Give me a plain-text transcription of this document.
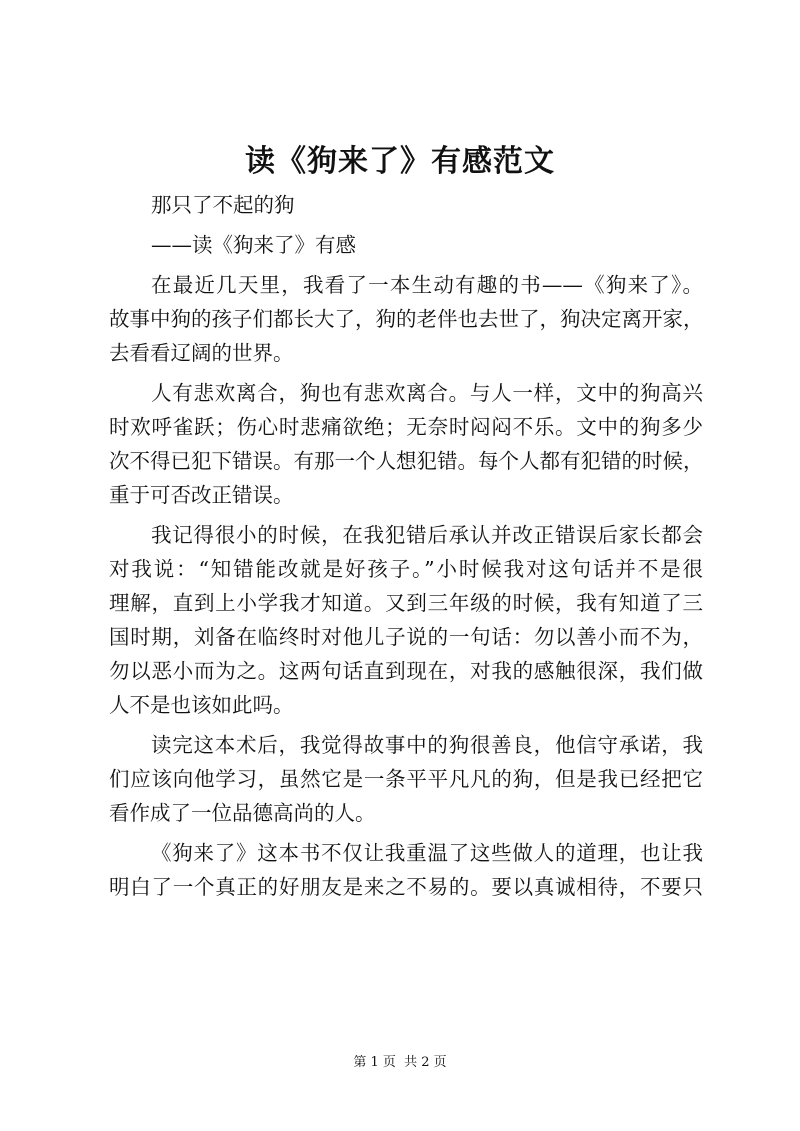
读《狗来了》有感范文
那只了不起的狗
——读《狗来了》有感
在最近几天里，我看了一本生动有趣的书——《狗来了》。
故事中狗的孩子们都长大了，狗的老伴也去世了，狗决定离开家，
去看看辽阔的世界。
人有悲欢离合，狗也有悲欢离合。与人一样，文中的狗高兴
时欢呼雀跃；伤心时悲痛欲绝；无奈时闷闷不乐。文中的狗多少
次不得已犯下错误。有那一个人想犯错。每个人都有犯错的时候，
重于可否改正错误。
我记得很小的时候，在我犯错后承认并改正错误后家长都会
对我说：“知错能改就是好孩子。”小时候我对这句话并不是很
理解，直到上小学我才知道。又到三年级的时候，我有知道了三
国时期，刘备在临终时对他儿子说的一句话：勿以善小而不为，
勿以恶小而为之。这两句话直到现在，对我的感触很深，我们做
人不是也该如此吗。
读完这本术后，我觉得故事中的狗很善良，他信守承诺，我
们应该向他学习，虽然它是一条平平凡凡的狗，但是我已经把它
看作成了一位品德高尚的人。
《狗来了》这本书不仅让我重温了这些做人的道理，也让我
明白了一个真正的好朋友是来之不易的。要以真诚相待，不要只
第 1 页 共 2 页
